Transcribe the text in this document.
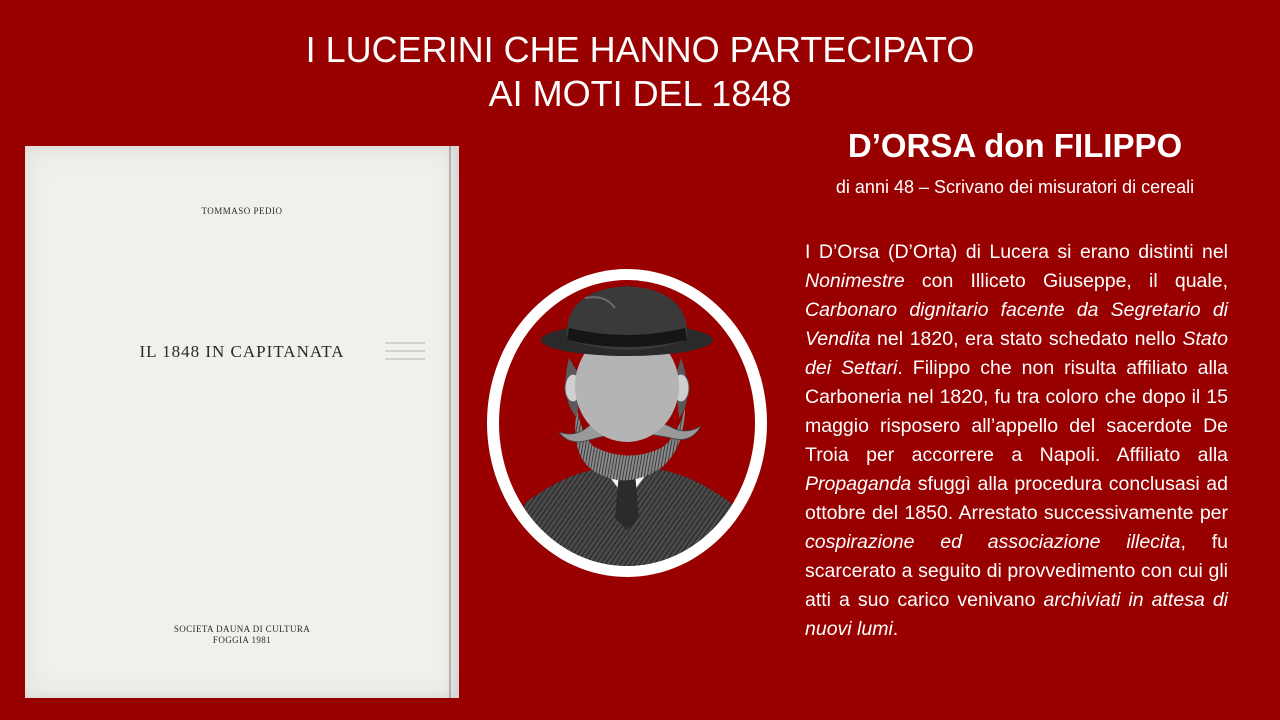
I LUCERINI CHE HANNO PARTECIPATO
AI MOTI DEL 1848
TOMMASO PEDIO
IL 1848 IN CAPITANATA
SOCIETA DAUNA DI CULTURA
FOGGIA 1981
D’ORSA don FILIPPO
di anni 48 – Scrivano dei misuratori di cereali
I D’Orsa (D’Orta) di Lucera si erano distinti nel Nonimestre con Illiceto Giuseppe, il quale, Carbonaro dignitario facente da Segretario di Vendita nel 1820, era stato schedato nello Stato dei Settari. Filippo che non risulta affiliato alla Carboneria nel 1820, fu tra coloro che dopo il 15 maggio risposero all’appello del sacerdote De Troia per accorrere a Napoli. Affiliato alla Propaganda sfuggì alla procedura conclusasi ad ottobre del 1850. Arrestato successivamente per cospirazione ed associazione illecita, fu scarcerato a seguito di provvedimento con cui gli atti a suo carico venivano archiviati in attesa di nuovi lumi.
